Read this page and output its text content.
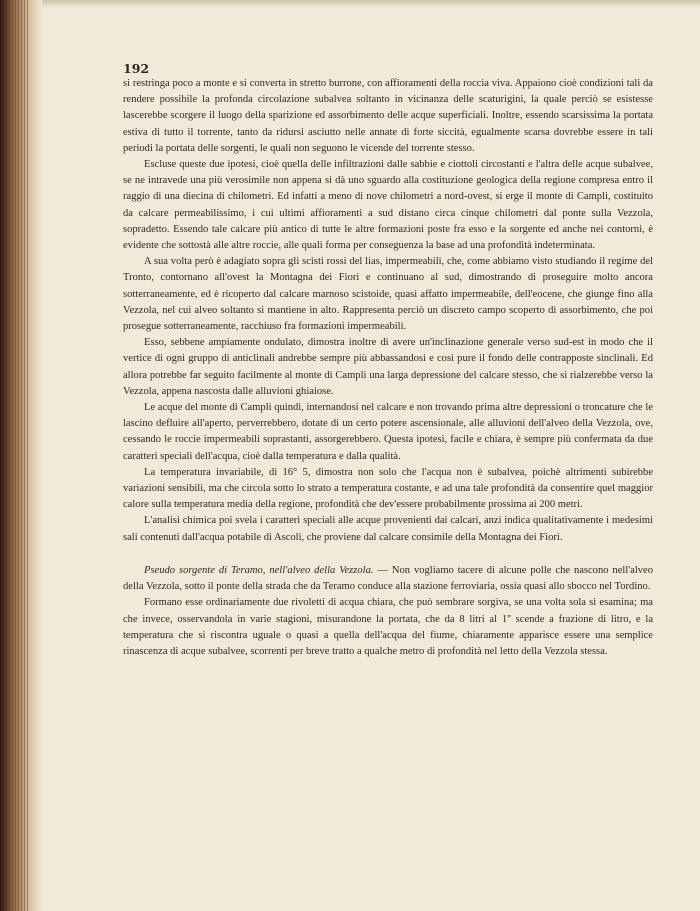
192

si restringa poco a monte e si converta in stretto burrone, con affioramenti della roccia viva. Appaiono cioè condizioni tali da rendere possibile la profonda circolazione subalvea soltanto in vicinanza delle scaturigini, la quale perciò se esistesse lascerebbe scorgere il luogo della sparizione ed assorbimento delle acque superficiali. Inoltre, essendo scarsissima la portata estiva di tutto il torrente, tanto da ridursi asciutto nelle annate di forte siccità, egualmente scarsa dovrebbe essere in tali periodi la portata delle sorgenti, le quali non seguono le vicende del torrente stesso.

Escluse queste due ipotesi, cioè quella delle infiltrazioni dalle sabbie e ciottoli circostanti e l'altra delle acque subalvee, se ne intravede una più verosimile non appena si dà uno sguardo alla costituzione geologica della regione compresa entro il raggio di una diecina di chilometri. Ed infatti a meno di nove chilometri a nord-ovest, si erge il monte di Campli, costituito da calcare permeabilissimo, i cui ultimi affioramenti a sud distano circa cinque chilometri dal ponte sulla Vezzola, sopradetto. Essendo tale calcare più antico di tutte le altre formazioni poste fra esso e la sorgente ed anche nei contorni, è evidente che sottostà alle altre roccie, alle quali forma per conseguenza la base ad una profondità indeterminata.

A sua volta però è adagiato sopra gli scisti rossi del lias, impermeabili, che, come abbiamo visto studiando il regime del Tronto, contornano all'ovest la Montagna dei Fiori e continuano al sud, dimostrando di proseguire molto ancora sotterraneamente, ed è ricoperto dal calcare marnoso scistoide, quasi affatto impermeabile, dell'eocene, che giunge fino alla Vezzola, nel cui alveo soltanto si mantiene in alto. Rappresenta perciò un discreto campo scoperto di assorbimento, che poi prosegue sotterraneamente, racchiuso fra formazioni impermeabili.

Esso, sebbene ampiamente ondulato, dimostra inoltre di avere un'inclinazione generale verso sud-est in modo che il vertice di ogni gruppo di anticlinali andrebbe sempre più abbassandosi e così pure il fondo delle contrapposte sinclinali. Ed allora potrebbe far seguito facilmente al monte di Campli una larga depressione del calcare stesso, che si rialzerebbe verso la Vezzola, appena nascosta dalle alluvioni ghiaiose.

Le acque del monte di Campli quindi, internandosi nel calcare e non trovando prima altre depressioni o troncature che le lascino defluire all'aperto, perverrebbero, dotate di un certo potere ascensionale, alle alluvioni dell'alveo della Vezzola, ove, cessando le roccie impermeabili soprastanti, assorgerebbero. Questa ipotesi, facile e chiara, è sempre più confermata da due caratteri speciali dell'acqua, cioè dalla temperatura e dalla qualità.

La temperatura invariabile, di 16° 5, dimostra non solo che l'acqua non è subalvea, poichè altrimenti subirebbe variazioni sensibili, ma che circola sotto lo strato a temperatura costante, e ad una tale profondità da consentire quel maggior calore sulla temperatura media della regione, profondità che dev'essere probabilmente prossima ai 200 metri.

L'analisi chimica poi svela i caratteri speciali alle acque provenienti dai calcari, anzi indica qualitativamente i medesimi sali contenuti dall'acqua potabile di Ascoli, che proviene dal calcare consimile della Montagna dei Fiori.

Pseudo sorgente di Teramo, nell'alveo della Vezzola. — Non vogliamo tacere di alcune polle che nascono nell'alveo della Vezzola, sotto il ponte della strada che da Teramo conduce alla stazione ferroviaria, ossia quasi allo sbocco nel Tordino.

Formano esse ordinariamente due rivoletti di acqua chiara, che può sembrare sorgiva, se una volta sola si esamina; ma che invece, osservandola in varie stagioni, misurandone la portata, che da 8 litri al 1'' scende a frazione di litro, e la temperatura che si riscontra uguale o quasi a quella dell'acqua del fiume, chiaramente apparisce essere una semplice rinascenza di acque subalvee, scorrenti per breve tratto a qualche metro di profondità nel letto della Vezzola stessa.
